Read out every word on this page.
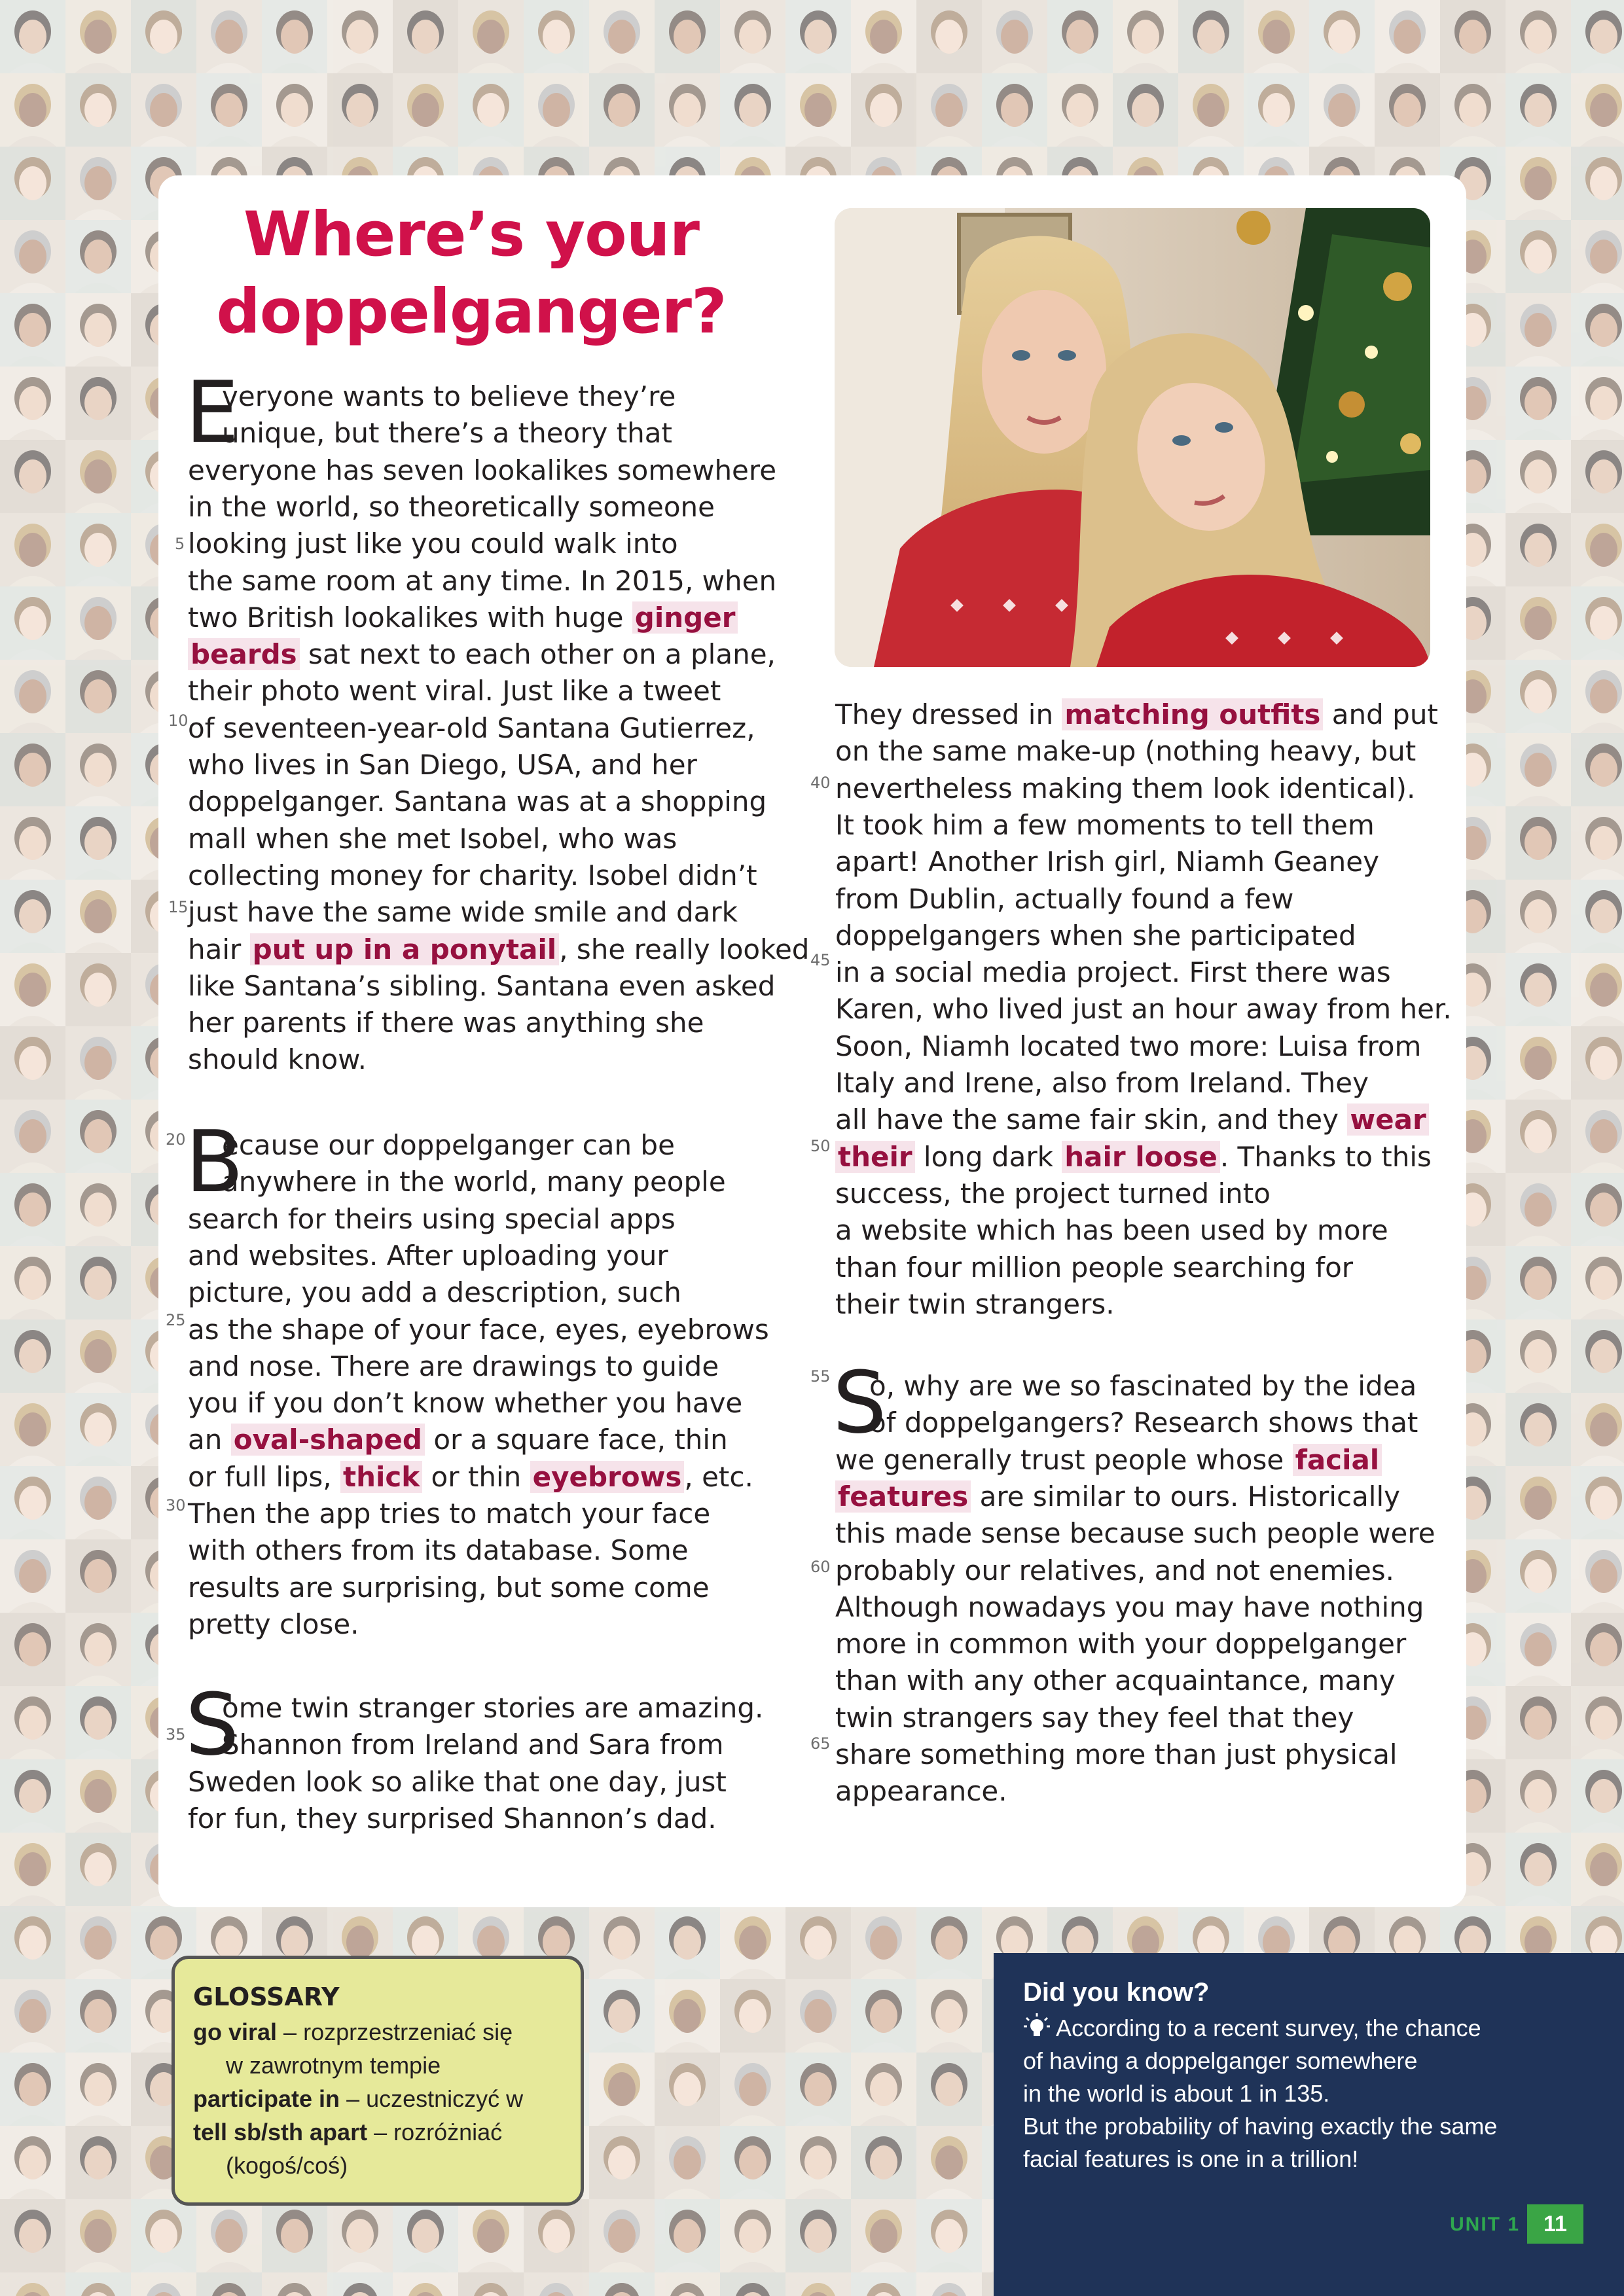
Where’s your
doppelganger?
veryone wants to believe they’re
unique, but there’s a theory that
everyone has seven lookalikes somewhere
in the world, so theoretically someone
looking just like you could walk into
the same room at any time. In 2015, when
two British lookalikes with huge ginger
beards sat next to each other on a plane,
their photo went viral. Just like a tweet
of seventeen-year-old Santana Gutierrez,
who lives in San Diego, USA, and her
doppelganger. Santana was at a shopping
mall when she met Isobel, who was
collecting money for charity. Isobel didn’t
just have the same wide smile and dark
hair put up in a ponytail, she really looked
like Santana’s sibling. Santana even asked
her parents if there was anything she
should know.
ecause our doppelganger can be
anywhere in the world, many people
search for theirs using special apps
and websites. After uploading your
picture, you add a description, such
as the shape of your face, eyes, eyebrows
and nose. There are drawings to guide
you if you don’t know whether you have
an oval-shaped or a square face, thin
or full lips, thick or thin eyebrows, etc.
Then the app tries to match your face
with others from its database. Some
results are surprising, but some come
pretty close.
ome twin stranger stories are amazing.
Shannon from Ireland and Sara from
Sweden look so alike that one day, just
for fun, they surprised Shannon’s dad.
They dressed in matching outfits and put
on the same make-up (nothing heavy, but
nevertheless making them look identical).
It took him a few moments to tell them
apart! Another Irish girl, Niamh Geaney
from Dublin, actually found a few
doppelgangers when she participated
in a social media project. First there was
Karen, who lived just an hour away from her.
Soon, Niamh located two more: Luisa from
Italy and Irene, also from Ireland. They
all have the same fair skin, and they wear
their long dark hair loose. Thanks to this
success, the project turned into
a website which has been used by more
than four million people searching for
their twin strangers.
o, why are we so fascinated by the idea
of doppelgangers? Research shows that
we generally trust people whose facial
features are similar to ours. Historically
this made sense because such people were
probably our relatives, and not enemies.
Although nowadays you may have nothing
more in common with your doppelganger
than with any other acquaintance, many
twin strangers say they feel that they
share something more than just physical
appearance.
E
B
S
S
5
10
15
20
25
30
35
40
45
50
55
60
65
GLOSSARY
go viral – rozprzestrzeniać się
w zawrotnym tempie
participate in – uczestniczyć w
tell sb/sth apart – rozróżniać
(kogoś/coś)
Did you know?
According to a recent survey, the chance
of having a doppelganger somewhere
in the world is about 1 in 135.
But the probability of having exactly the same
facial features is one in a trillion!
UNIT 1	11
